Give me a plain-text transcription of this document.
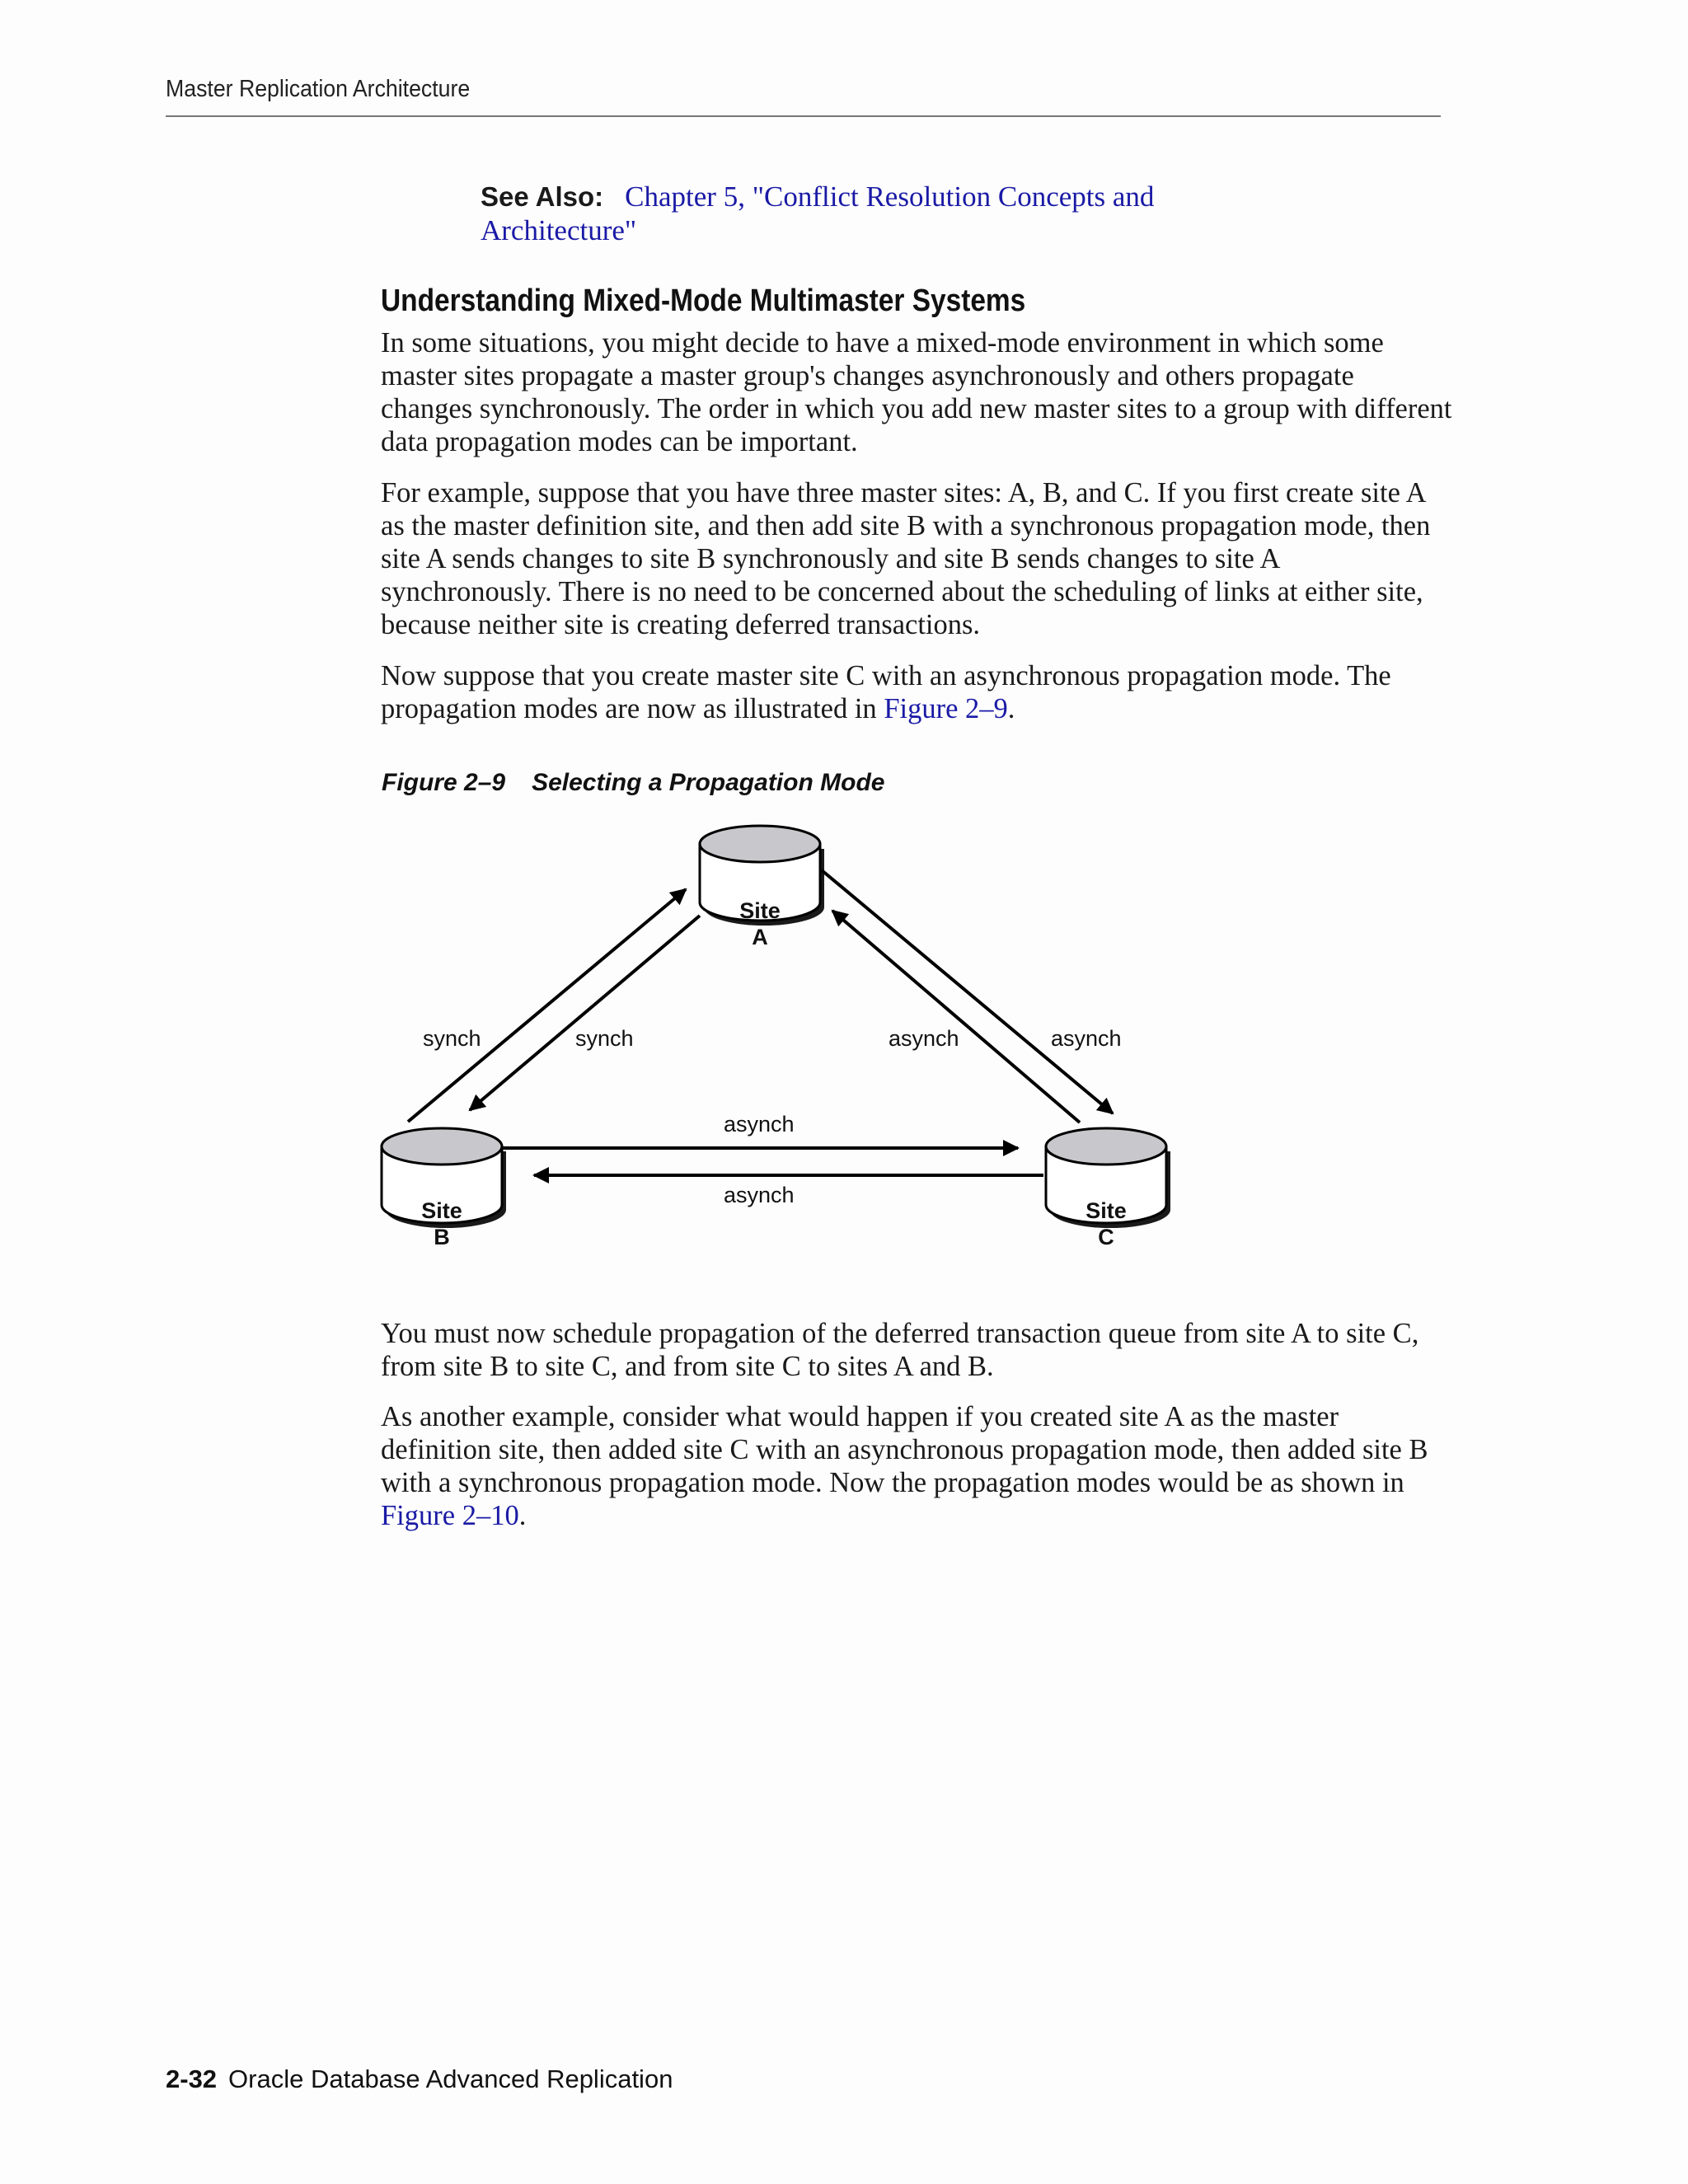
Master Replication Architecture
See Also: Chapter 5, "Conflict Resolution Concepts and Architecture"
Understanding Mixed-Mode Multimaster Systems

In some situations, you might decide to have a mixed-mode environment in which some master sites propagate a master group's changes asynchronously and others propagate changes synchronously. The order in which you add new master sites to a group with different data propagation modes can be important.

For example, suppose that you have three master sites: A, B, and C. If you first create site A as the master definition site, and then add site B with a synchronous propagation mode, then site A sends changes to site B synchronously and site B sends changes to site A synchronously. There is no need to be concerned about the scheduling of links at either site, because neither site is creating deferred transactions.

Now suppose that you create master site C with an asynchronous propagation mode. The propagation modes are now as illustrated in Figure 2–9.

Figure 2–9 Selecting a Propagation Mode
Site
A
Site
B
Site
C
synch	synch	asynch	asynch
asynch
asynch

You must now schedule propagation of the deferred transaction queue from site A to site C, from site B to site C, and from site C to sites A and B.

As another example, consider what would happen if you created site A as the master definition site, then added site C with an asynchronous propagation mode, then added site B with a synchronous propagation mode. Now the propagation modes would be as shown in Figure 2–10.

2-32 Oracle Database Advanced Replication
